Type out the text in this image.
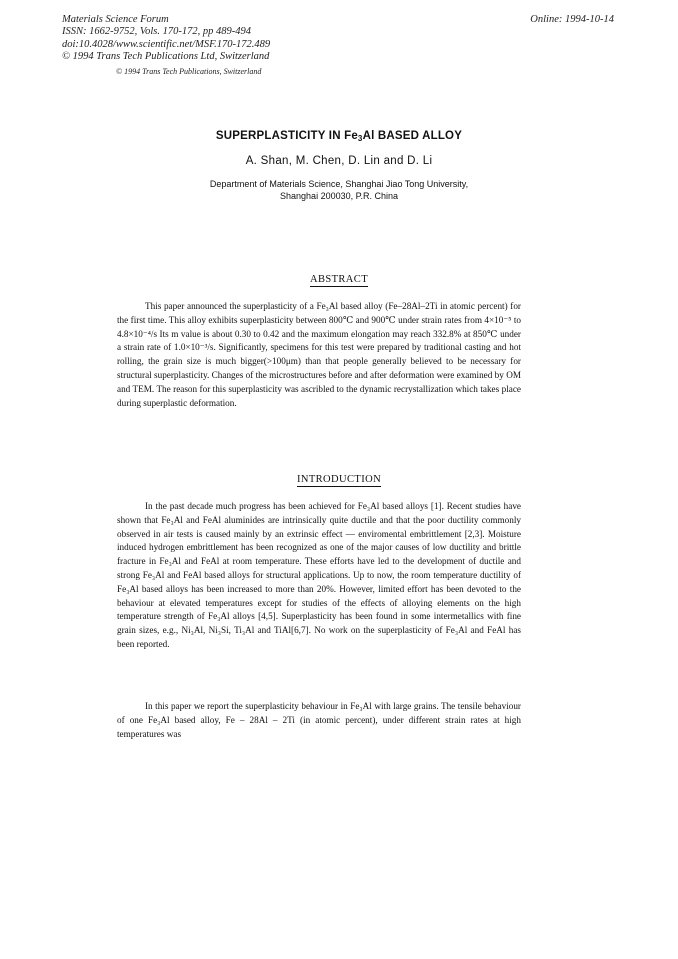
Materials Science Forum
ISSN: 1662-9752, Vols. 170-172, pp 489-494
doi:10.4028/www.scientific.net/MSF.170-172.489
© 1994 Trans Tech Publications Ltd, Switzerland
Online: 1994-10-14
© 1994 Trans Tech Publications, Switzerland
SUPERPLASTICITY IN $Fe_3Al$ BASED ALLOY
A. Shan, M. Chen, D. Lin and D. Li
Department of Materials Science, Shanghai Jiao Tong University,
Shanghai 200030, P.R. China
ABSTRACT

This paper announced the superplasticity of a Fe₃Al based alloy (Fe–28Al–2Ti in atomic percent) for the first time. This alloy exhibits superplasticity between 800℃ and 900℃ under strain rates from 4×10⁻⁵ to 4.8×10⁻⁴/s Its m value is about 0.30 to 0.42 and the maximum elongation may reach 332.8% at 850℃ under a strain rate of 1.0×10⁻³/s. Significantly, specimens for this test were prepared by traditional casting and hot rolling, the grain size is much bigger(>100μm) than that people generally believed to be necessary for structural superplasticity. Changes of the microstructures before and after deformation were examined by OM and TEM. The reason for this superplasticity was ascribled to the dynamic recrystallization which takes place during superplastic deformation.

INTRODUCTION

In the past decade much progress has been achieved for Fe₃Al based alloys [1]. Recent studies have shown that Fe₃Al and FeAl aluminides are intrinsically quite ductile and that the poor ductility commonly observed in air tests is caused mainly by an extrinsic effect — enviromental embrittlement [2,3]. Moisture induced hydrogen embrittlement has been recognized as one of the major causes of low ductility and brittle fracture in Fe₃Al and FeAl at room temperature. These efforts have led to the development of ductile and strong Fe₃Al and FeAl based alloys for structural applications. Up to now, the room temperature ductility of Fe₃Al based alloys has been increased to more than 20%. However, limited effort has been devoted to the behaviour at elevated temperatures except for studies of the effects of alloying elements on the high temperature strength of Fe₃Al alloys [4,5]. Superplasticity has been found in some intermetallics with fine grain sizes, e.g., Ni₃Al, Ni₃Si, Ti₃Al and TiAl[6,7]. No work on the superplasticity of Fe₃Al and FeAl has been reported.

In this paper we report the superplasticity behaviour in Fe₃Al with large grains. The tensile behaviour of one Fe₃Al based alloy, Fe – 28Al – 2Ti (in atomic percent), under different strain rates at high temperatures was
